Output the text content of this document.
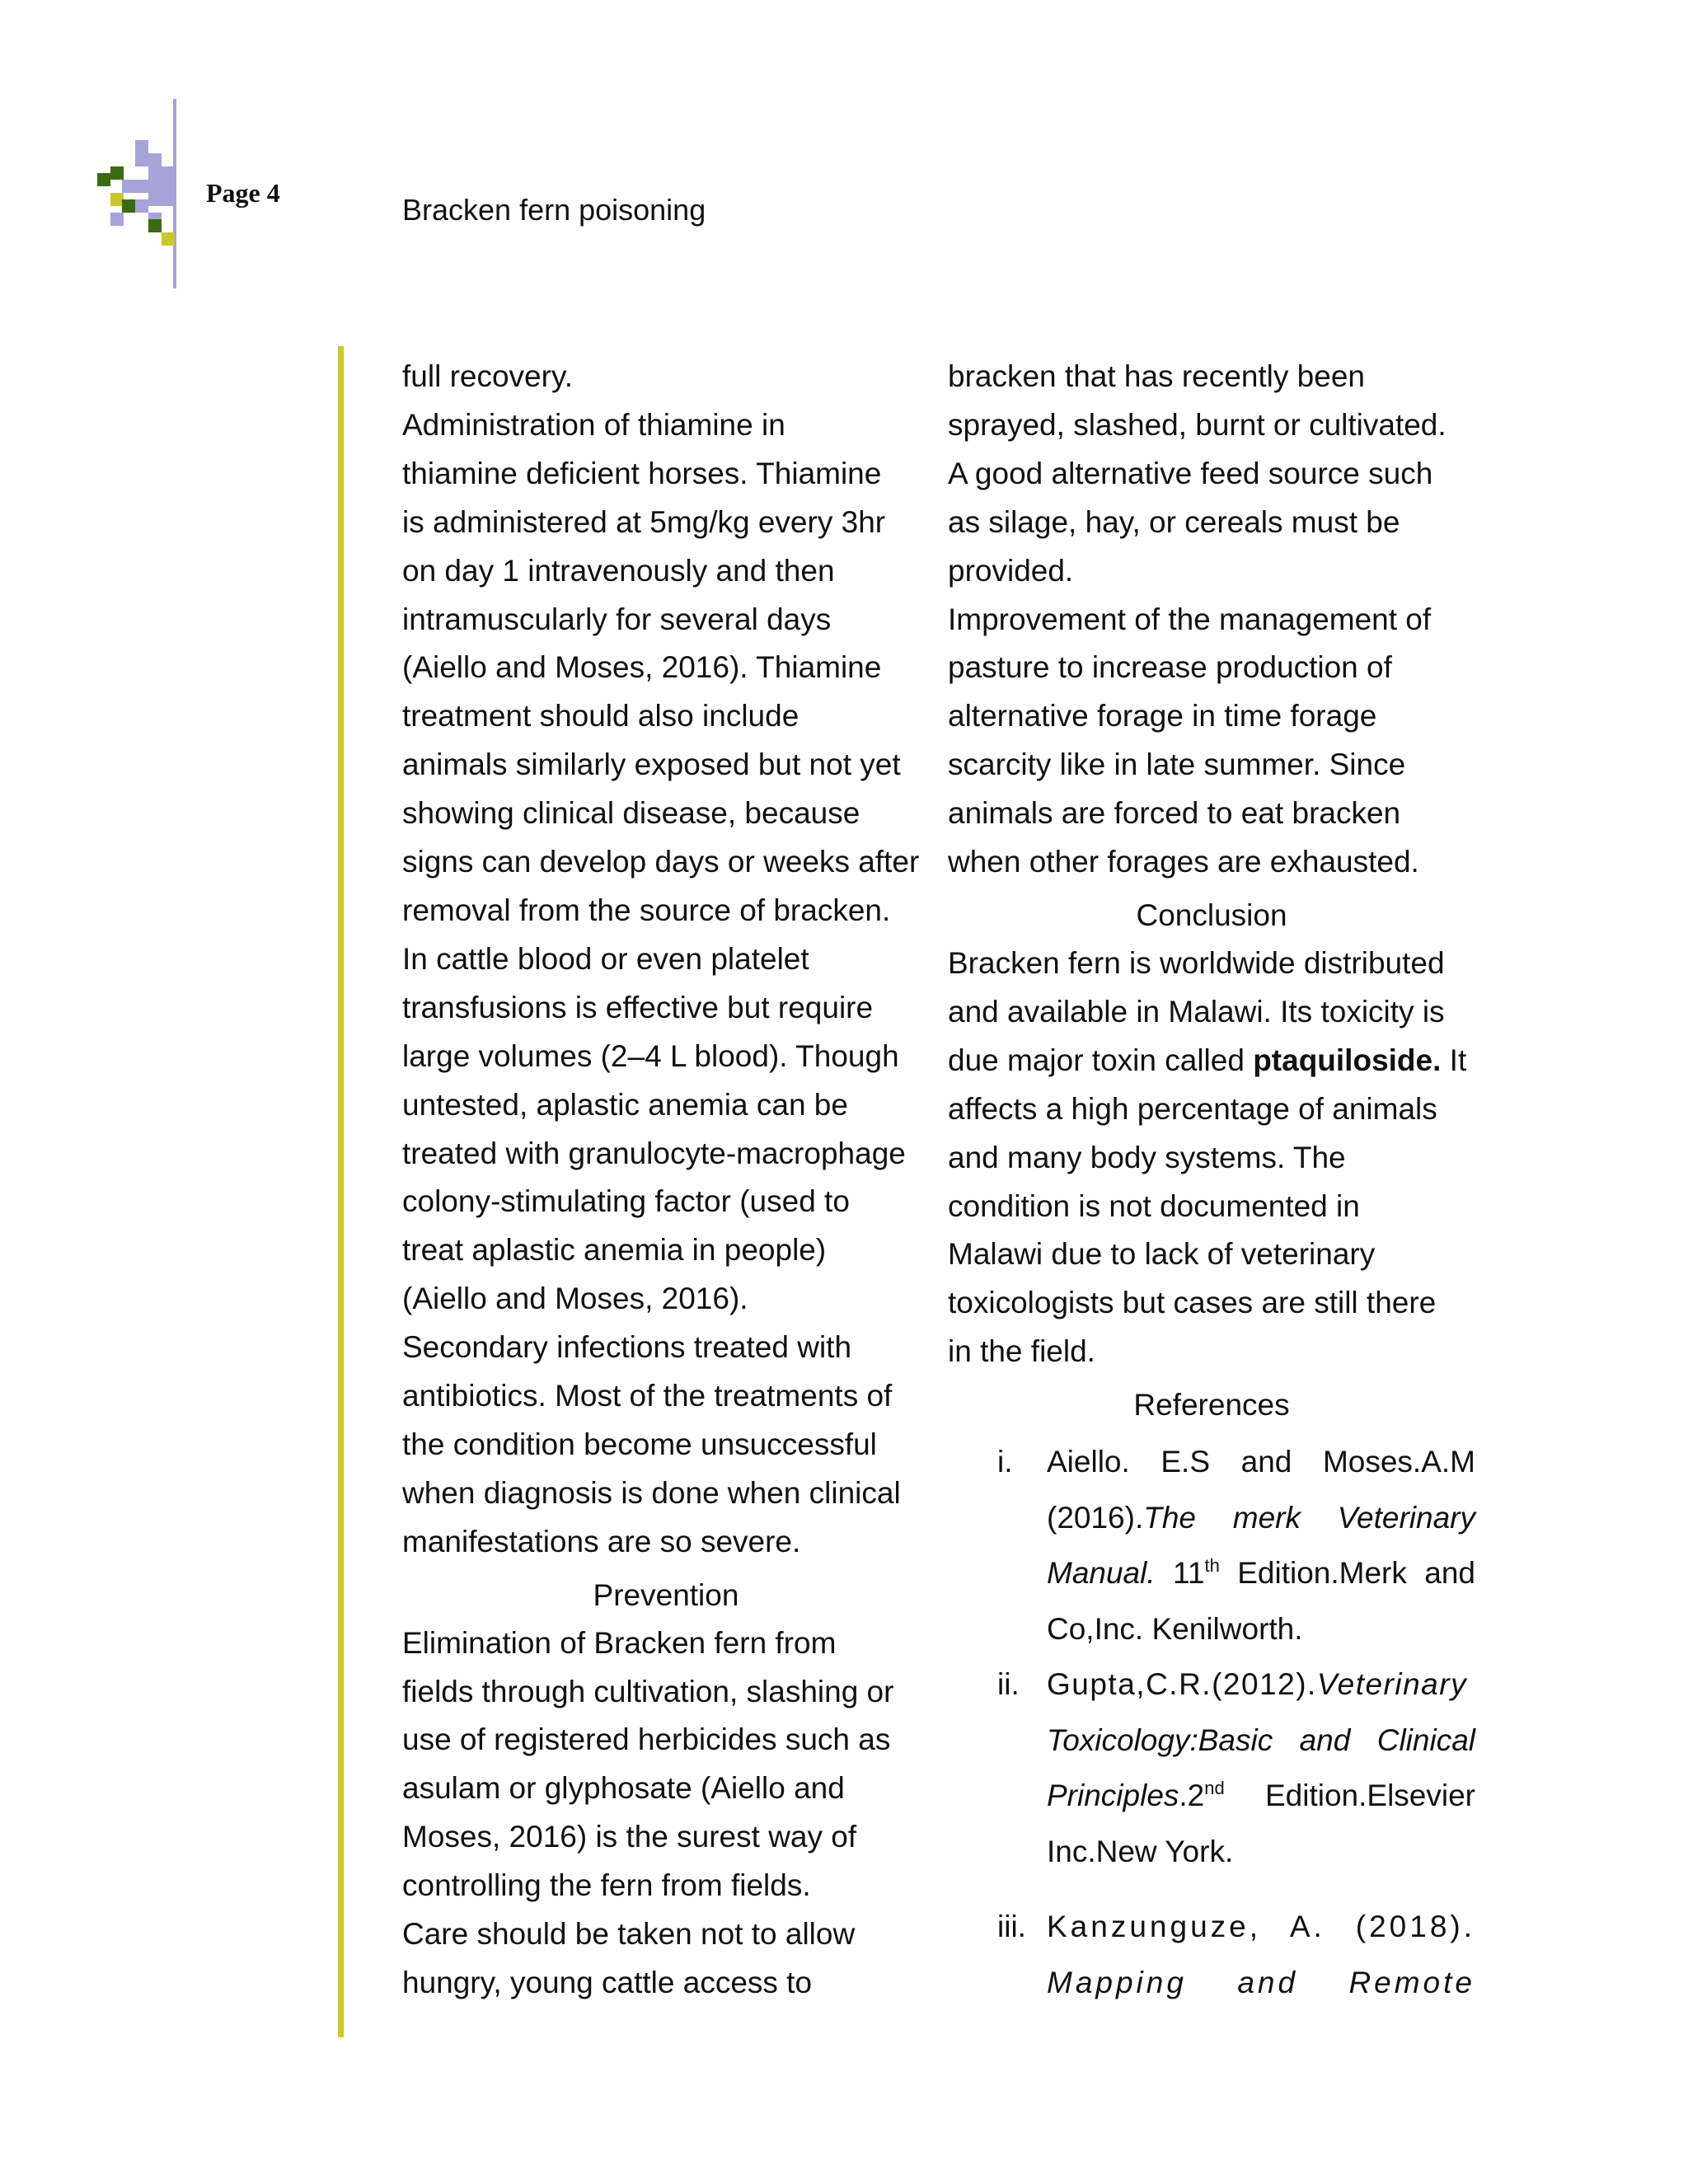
Page 4	Bracken fern poisoning

full recovery.

Administration of thiamine in

thiamine deficient horses. Thiamine

is administered at 5mg/kg every 3hr

on day 1 intravenously and then

intramuscularly for several days

(Aiello and Moses, 2016). Thiamine

treatment should also include

animals similarly exposed but not yet

showing clinical disease, because

signs can develop days or weeks after

removal from the source of bracken.

In cattle blood or even platelet

transfusions is effective but require

large volumes (2–4 L blood). Though

untested, aplastic anemia can be

treated with granulocyte-macrophage

colony-stimulating factor (used to

treat aplastic anemia in people)

(Aiello and Moses, 2016).

Secondary infections treated with

antibiotics. Most of the treatments of

the condition become unsuccessful

when diagnosis is done when clinical

manifestations are so severe.

Prevention

Elimination of Bracken fern from

fields through cultivation, slashing or

use of registered herbicides such as

asulam or glyphosate (Aiello and

Moses, 2016) is the surest way of

controlling the fern from fields.

Care should be taken not to allow

hungry, young cattle access to

bracken that has recently been

sprayed, slashed, burnt or cultivated.

A good alternative feed source such

as silage, hay, or cereals must be

provided.

Improvement of the management of

pasture to increase production of

alternative forage in time forage

scarcity like in late summer. Since

animals are forced to eat bracken

when other forages are exhausted.

Conclusion

Bracken fern is worldwide distributed

and available in Malawi. Its toxicity is

due major toxin called ptaquiloside. It

affects a high percentage of animals

and many body systems. The

condition is not documented in

Malawi due to lack of veterinary

toxicologists but cases are still there

in the field.

References

i. Aiello. E.S and Moses.A.M
(2016).The merk Veterinary
Manual. 11th Edition.Merk and
Co,Inc. Kenilworth.
ii. Gupta,C.R.(2012).Veterinary
Toxicology:Basic and Clinical
Principles.2nd Edition.Elsevier
Inc.New York.
iii. Kanzunguze, A. (2018).
Mapping and Remote
